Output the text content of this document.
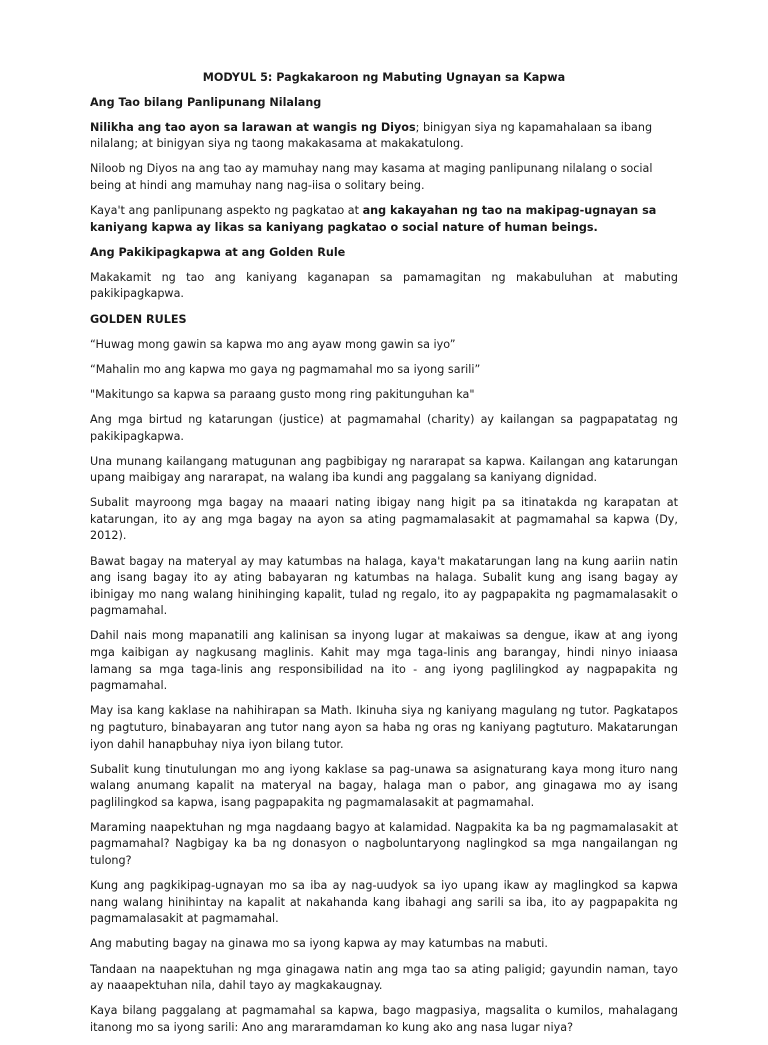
MODYUL 5: Pagkakaroon ng Mabuting Ugnayan sa Kapwa

Ang Tao bilang Panlipunang Nilalang

Nilikha ang tao ayon sa larawan at wangis ng Diyos; binigyan siya ng kapamahalaan sa ibang nilalang; at binigyan siya ng taong makakasama at makakatulong.

Niloob ng Diyos na ang tao ay mamuhay nang may kasama at maging panlipunang nilalang o social being at hindi ang mamuhay nang nag-iisa o solitary being.

Kaya't ang panlipunang aspekto ng pagkatao at ang kakayahan ng tao na makipag-ugnayan sa kaniyang kapwa ay likas sa kaniyang pagkatao o social nature of human beings.

Ang Pakikipagkapwa at ang Golden Rule

Makakamit ng tao ang kaniyang kaganapan sa pamamagitan ng makabuluhan at mabuting pakikipagkapwa.

GOLDEN RULES

“Huwag mong gawin sa kapwa mo ang ayaw mong gawin sa iyo”

“Mahalin mo ang kapwa mo gaya ng pagmamahal mo sa iyong sarili”

"Makitungo sa kapwa sa paraang gusto mong ring pakitunguhan ka"

Ang mga birtud ng katarungan (justice) at pagmamahal (charity) ay kailangan sa pagpapatatag ng pakikipagkapwa.

Una munang kailangang matugunan ang pagbibigay ng nararapat sa kapwa. Kailangan ang katarungan upang maibigay ang nararapat, na walang iba kundi ang paggalang sa kaniyang dignidad.

Subalit mayroong mga bagay na maaari nating ibigay nang higit pa sa itinatakda ng karapatan at katarungan, ito ay ang mga bagay na ayon sa ating pagmamalasakit at pagmamahal sa kapwa (Dy, 2012).

Bawat bagay na materyal ay may katumbas na halaga, kaya't makatarungan lang na kung aariin natin ang isang bagay ito ay ating babayaran ng katumbas na halaga. Subalit kung ang isang bagay ay ibinigay mo nang walang hinihinging kapalit, tulad ng regalo, ito ay pagpapakita ng pagmamalasakit o pagmamahal.

Dahil nais mong mapanatili ang kalinisan sa inyong lugar at makaiwas sa dengue, ikaw at ang iyong mga kaibigan ay nagkusang maglinis. Kahit may mga taga-linis ang barangay, hindi ninyo iniaasa lamang sa mga taga-linis ang responsibilidad na ito - ang iyong paglilingkod ay nagpapakita ng pagmamahal.

May isa kang kaklase na nahihirapan sa Math. Ikinuha siya ng kaniyang magulang ng tutor. Pagkatapos ng pagtuturo, binabayaran ang tutor nang ayon sa haba ng oras ng kaniyang pagtuturo. Makatarungan iyon dahil hanapbuhay niya iyon bilang tutor.

Subalit kung tinutulungan mo ang iyong kaklase sa pag-unawa sa asignaturang kaya mong ituro nang walang anumang kapalit na materyal na bagay, halaga man o pabor, ang ginagawa mo ay isang paglilingkod sa kapwa, isang pagpapakita ng pagmamalasakit at pagmamahal.

Maraming naapektuhan ng mga nagdaang bagyo at kalamidad. Nagpakita ka ba ng pagmamalasakit at pagmamahal? Nagbigay ka ba ng donasyon o nagboluntaryong naglingkod sa mga nangailangan ng tulong?

Kung ang pagkikipag-ugnayan mo sa iba ay nag-uudyok sa iyo upang ikaw ay maglingkod sa kapwa nang walang hinihintay na kapalit at nakahanda kang ibahagi ang sarili sa iba, ito ay pagpapakita ng pagmamalasakit at pagmamahal.

Ang mabuting bagay na ginawa mo sa iyong kapwa ay may katumbas na mabuti.

Tandaan na naapektuhan ng mga ginagawa natin ang mga tao sa ating paligid; gayundin naman, tayo ay naaapektuhan nila, dahil tayo ay magkakaugnay.

Kaya bilang paggalang at pagmamahal sa kapwa, bago magpasiya, magsalita o kumilos, mahalagang itanong mo sa iyong sarili: Ano ang mararamdaman ko kung ako ang nasa lugar niya?
